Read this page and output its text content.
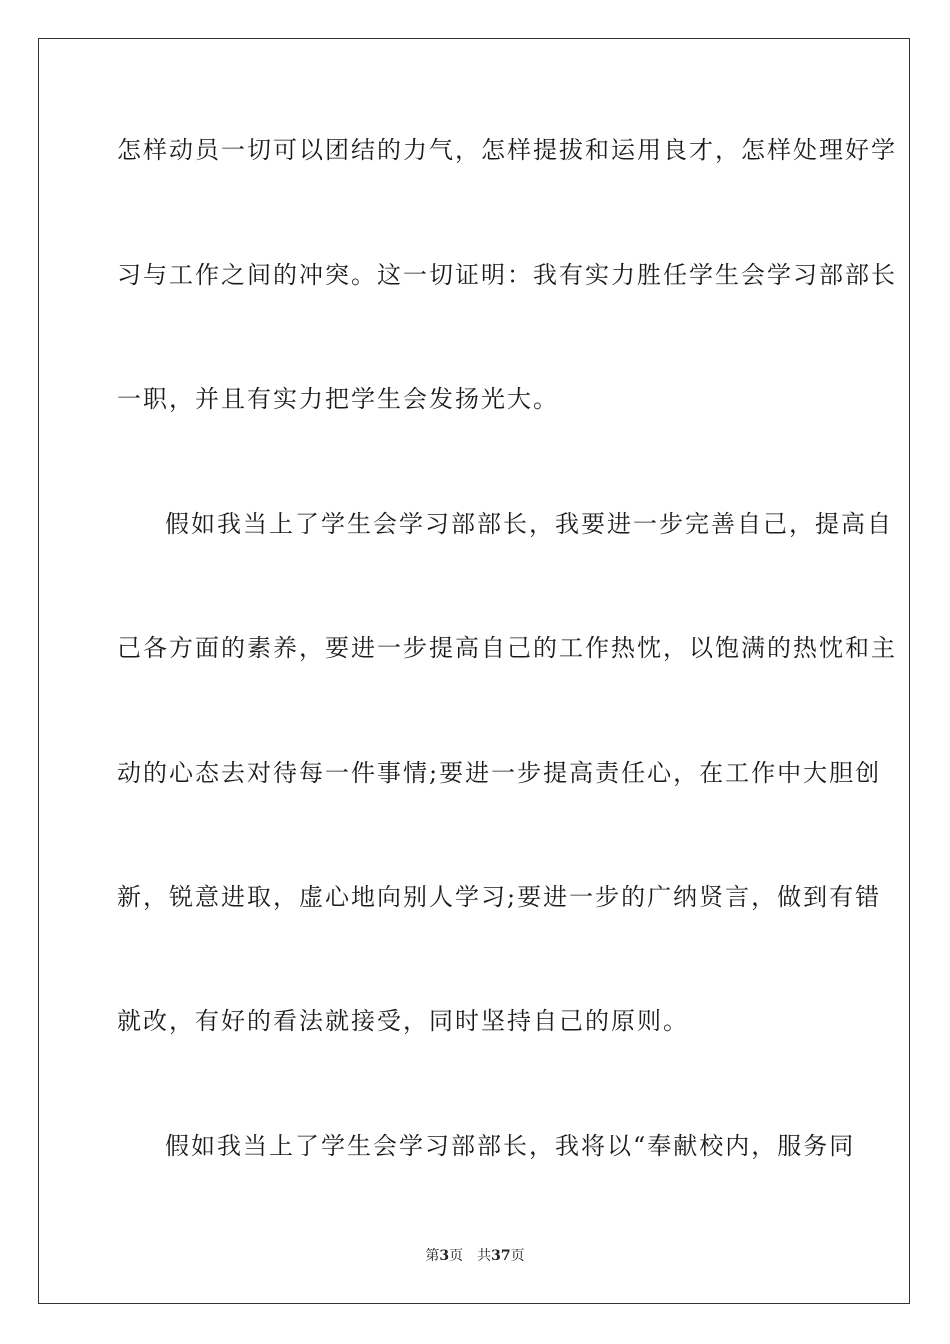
怎样动员一切可以团结的力气，怎样提拔和运用良才，怎样处理好学
习与工作之间的冲突。这一切证明：我有实力胜任学生会学习部部长
一职，并且有实力把学生会发扬光大。
假如我当上了学生会学习部部长，我要进一步完善自己，提高自
己各方面的素养，要进一步提高自己的工作热忱，以饱满的热忱和主
动的心态去对待每一件事情;要进一步提高责任心，在工作中大胆创
新，锐意进取，虚心地向别人学习;要进一步的广纳贤言，做到有错
就改，有好的看法就接受，同时坚持自己的原则。
假如我当上了学生会学习部部长，我将以“奉献校内，服务同
第3页 共37页
